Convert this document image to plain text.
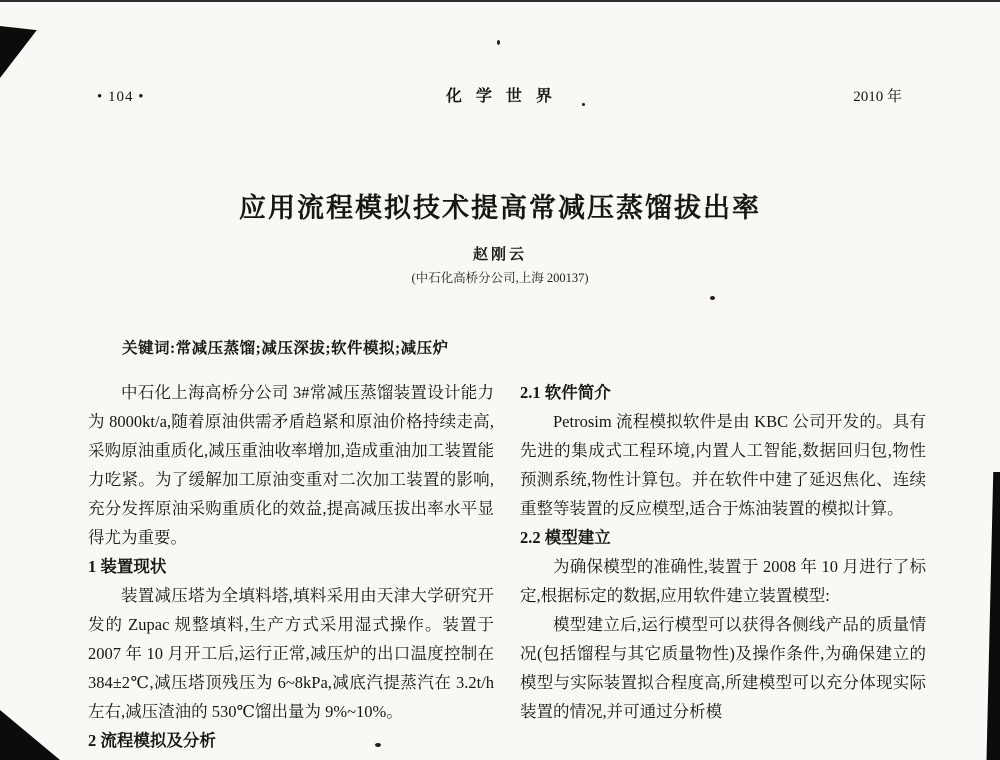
• 104 •	化学世界	2010 年
应用流程模拟技术提高常减压蒸馏拔出率
赵刚云
(中石化高桥分公司,上海 200137)
关键词:常减压蒸馏;减压深拔;软件模拟;减压炉

中石化上海高桥分公司 3#常减压蒸馏装置设计能力为 8000kt/a,随着原油供需矛盾趋紧和原油价格持续走高,采购原油重质化,减压重油收率增加,造成重油加工装置能力吃紧。为了缓解加工原油变重对二次加工装置的影响,充分发挥原油采购重质化的效益,提高减压拔出率水平显得尤为重要。

1 装置现状

装置减压塔为全填料塔,填料采用由天津大学研究开发的 Zupac 规整填料,生产方式采用湿式操作。装置于 2007 年 10 月开工后,运行正常,减压炉的出口温度控制在 384±2℃,减压塔顶残压为 6~8kPa,减底汽提蒸汽在 3.2t/h 左右,减压渣油的 530℃馏出量为 9%~10%。

2 流程模拟及分析
2.1 软件简介

Petrosim 流程模拟软件是由 KBC 公司开发的。具有先进的集成式工程环境,内置人工智能,数据回归包,物性预测系统,物性计算包。并在软件中建了延迟焦化、连续重整等装置的反应模型,适合于炼油装置的模拟计算。

2.2 模型建立

为确保模型的准确性,装置于 2008 年 10 月进行了标定,根据标定的数据,应用软件建立装置模型:

模型建立后,运行模型可以获得各侧线产品的质量情况(包括馏程与其它质量物性)及操作条件,为确保建立的模型与实际装置拟合程度高,所建模型可以充分体现实际装置的情况,并可通过分析模
